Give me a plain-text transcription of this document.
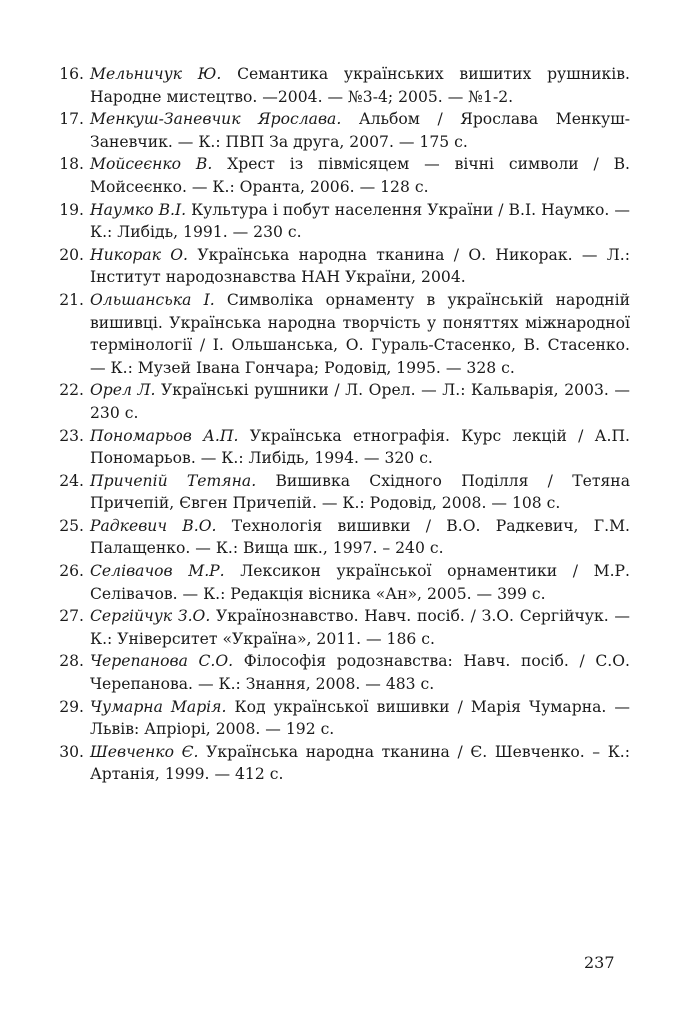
16. Мельничук Ю. Семантика українських вишитих рушників. Народне мистецтво. —2004. — №3-4; 2005. — №1-2.
17. Менкуш-Заневчик Ярослава. Альбом / Ярослава Менкуш-Заневчик. — К.: ПВП За друга, 2007. — 175 с.
18. Мойсеєнко В. Хрест із півмісяцем — вічні символи / В. Мойсеєнко. — К.: Оранта, 2006. — 128 с.
19. Наумко В.І. Культура і побут населення України / В.І. Наумко. — К.: Либідь, 1991. — 230 с.
20. Никорак О. Українська народна тканина / О. Никорак. — Л.: Інститут народознавства НАН України, 2004.
21. Ольшанська І. Символіка орнаменту в українській народній вишивці. Українська народна творчість у поняттях міжнародної термінології / І. Ольшанська, О. Гураль-Стасенко, В. Стасенко. — К.: Музей Івана Гончара; Родовід, 1995. — 328 с.
22. Орел Л. Українські рушники / Л. Орел. — Л.: Кальварія, 2003. — 230 с.
23. Пономарьов А.П. Українська етнографія. Курс лекцій / А.П. Пономарьов. — К.: Либідь, 1994. — 320 с.
24. Причепій Тетяна. Вишивка Східного Поділля / Тетяна Причепій, Євген Причепій. — К.: Родовід, 2008. — 108 с.
25. Радкевич В.О. Технологія вишивки / В.О. Радкевич, Г.М. Палащенко. — К.: Вища шк., 1997. – 240 с.
26. Селівачов М.Р. Лексикон української орнаментики / М.Р. Селівачов. — К.: Редакція вісника «Ан», 2005. — 399 с.
27. Сергійчук З.О. Українознавство. Навч. посіб. / З.О. Сергійчук. — К.: Університет «Україна», 2011. — 186 с.
28. Черепанова С.О. Філософія родознавства: Навч. посіб. / С.О. Черепанова. — К.: Знання, 2008. — 483 с.
29. Чумарна Марія. Код української вишивки / Марія Чумарна. — Львів: Апріорі, 2008. — 192 с.
30. Шевченко Є. Українська народна тканина / Є. Шевченко. – К.: Артанія, 1999. — 412 с.
237
